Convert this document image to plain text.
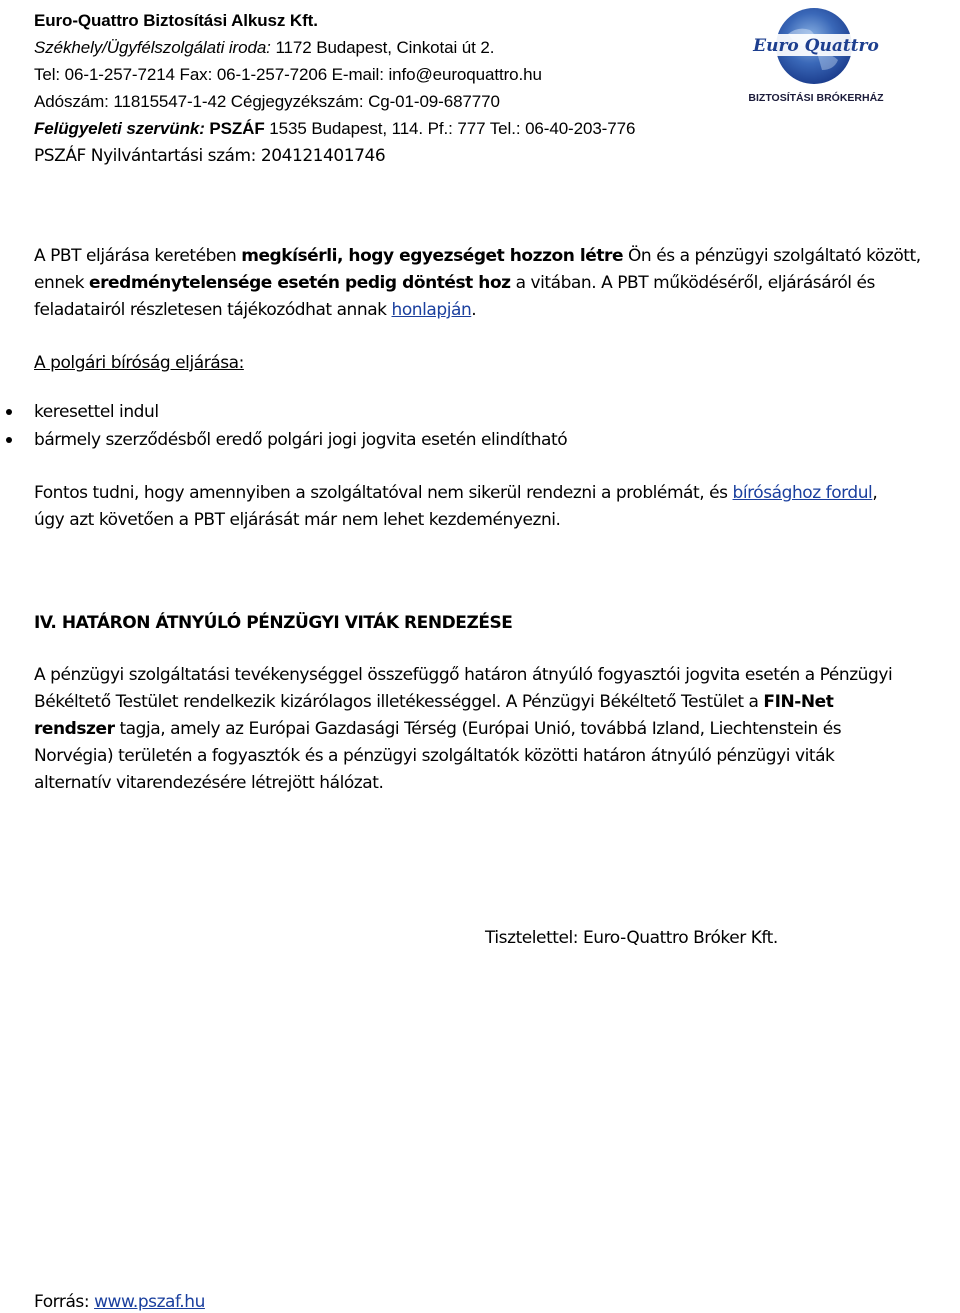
Euro-Quattro Biztosítási Alkusz Kft.
Székhely/Ügyfélszolgálati iroda: 1172 Budapest, Cinkotai út 2.
Tel: 06-1-257-7214 Fax: 06-1-257-7206 E-mail: info@euroquattro.hu
Adószám: 11815547-1-42 Cégjegyzékszám: Cg-01-09-687770
Felügyeleti szervünk: PSZÁF 1535 Budapest, 114. Pf.: 777 Tel.: 06-40-203-776
PSZÁF Nyilvántartási szám: 204121401746
Euro Quattro
BIZTOSÍTÁSI BRÓKERHÁZ
A PBT eljárása keretében megkísérli, hogy egyezséget hozzon létre Ön és a pénzügyi szolgáltató között,
ennek eredménytelensége esetén pedig döntést hoz a vitában. A PBT működéséről, eljárásáról és
feladatairól részletesen tájékozódhat annak honlapján.
A polgári bíróság eljárása:
keresettel indul
bármely szerződésből eredő polgári jogi jogvita esetén elindítható
Fontos tudni, hogy amennyiben a szolgáltatóval nem sikerül rendezni a problémát, és bírósághoz fordul,
úgy azt követően a PBT eljárását már nem lehet kezdeményezni.
IV. HATÁRON ÁTNYÚLÓ PÉNZÜGYI VITÁK RENDEZÉSE
A pénzügyi szolgáltatási tevékenységgel összefüggő határon átnyúló fogyasztói jogvita esetén a Pénzügyi
Békéltető Testület rendelkezik kizárólagos illetékességgel. A Pénzügyi Békéltető Testület a FIN-Net
rendszer tagja, amely az Európai Gazdasági Térség (Európai Unió, továbbá Izland, Liechtenstein és
Norvégia) területén a fogyasztók és a pénzügyi szolgáltatók közötti határon átnyúló pénzügyi viták
alternatív vitarendezésére létrejött hálózat.
Tisztelettel: Euro-Quattro Bróker Kft.
Forrás: www.pszaf.hu
